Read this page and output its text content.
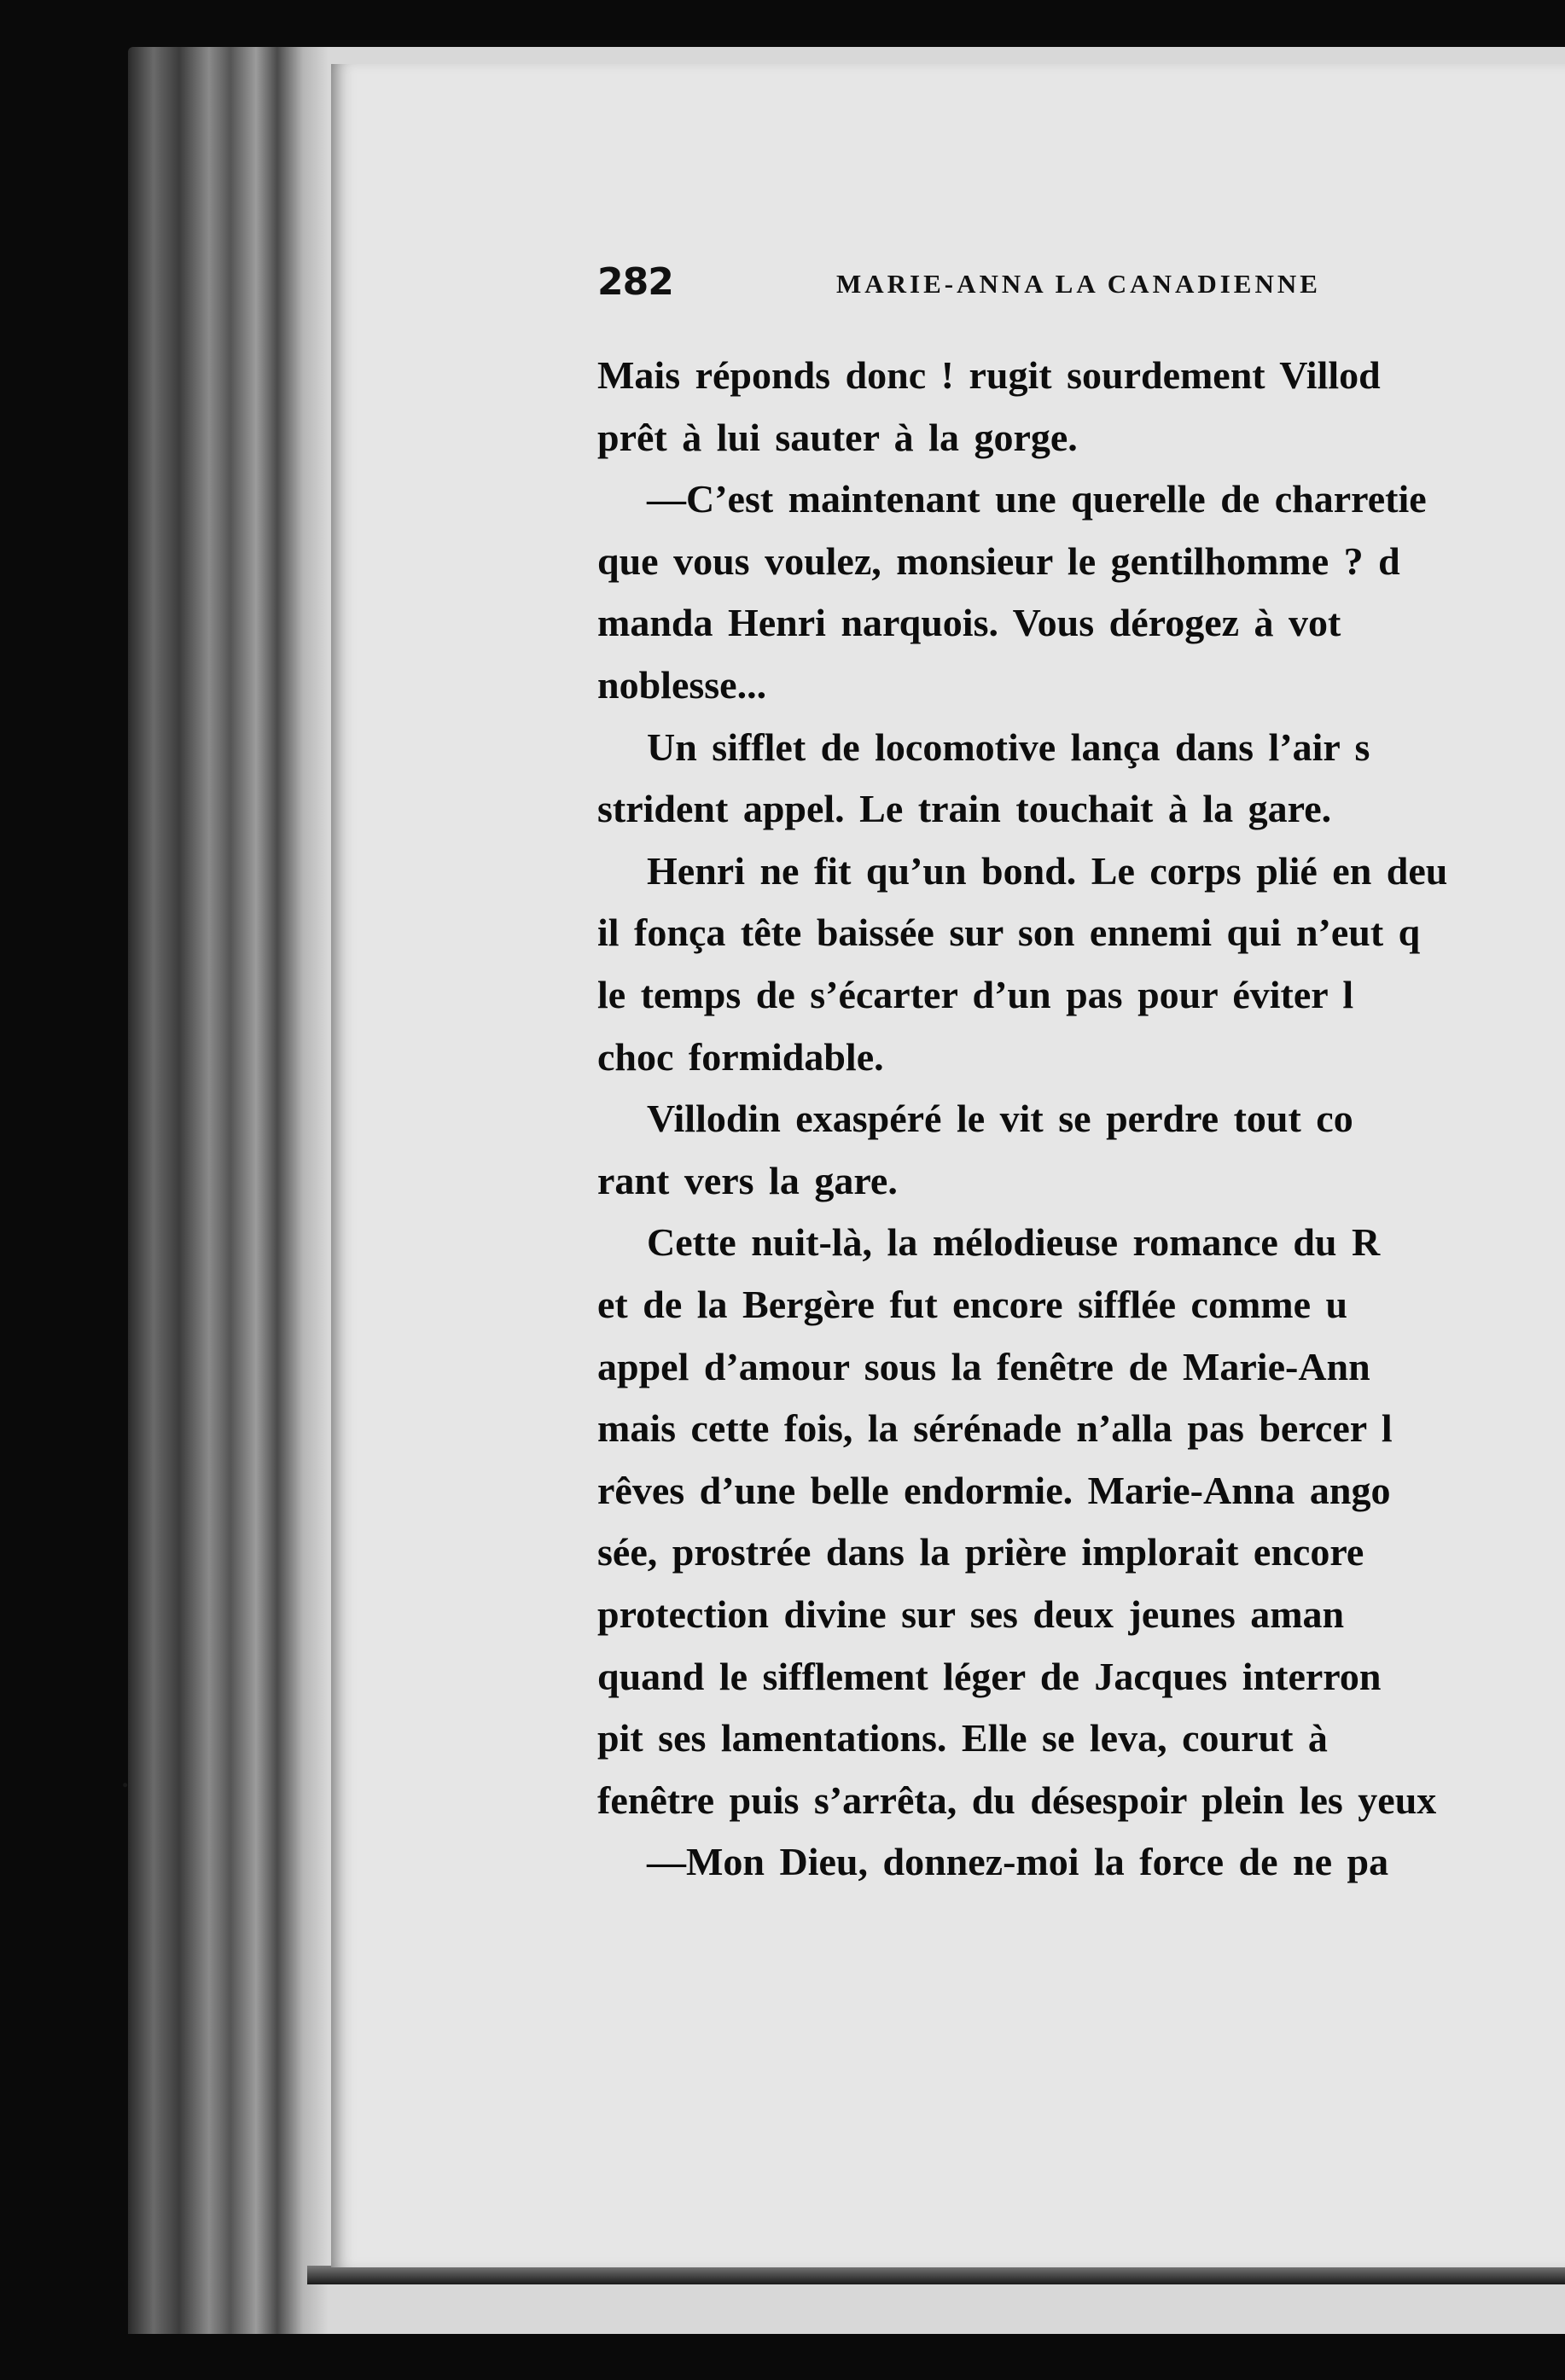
282	MARIE-ANNA LA CANADIENNE
Mais réponds donc ! rugit sourdement Villod
prêt à lui sauter à la gorge.
—C’est maintenant une querelle de charretie
que vous voulez, monsieur le gentilhomme ? d
manda Henri narquois. Vous dérogez à vot
noblesse...
Un sifflet de locomotive lança dans l’air s
strident appel. Le train touchait à la gare.
Henri ne fit qu’un bond. Le corps plié en deu
il fonça tête baissée sur son ennemi qui n’eut q
le temps de s’écarter d’un pas pour éviter l
choc formidable.
Villodin exaspéré le vit se perdre tout co
rant vers la gare.
Cette nuit-là, la mélodieuse romance du R
et de la Bergère fut encore sifflée comme u
appel d’amour sous la fenêtre de Marie-Ann
mais cette fois, la sérénade n’alla pas bercer l
rêves d’une belle endormie. Marie-Anna ango
sée, prostrée dans la prière implorait encore
protection divine sur ses deux jeunes aman
quand le sifflement léger de Jacques interron
pit ses lamentations. Elle se leva, courut à
fenêtre puis s’arrêta, du désespoir plein les yeux
—Mon Dieu, donnez-moi la force de ne pa
